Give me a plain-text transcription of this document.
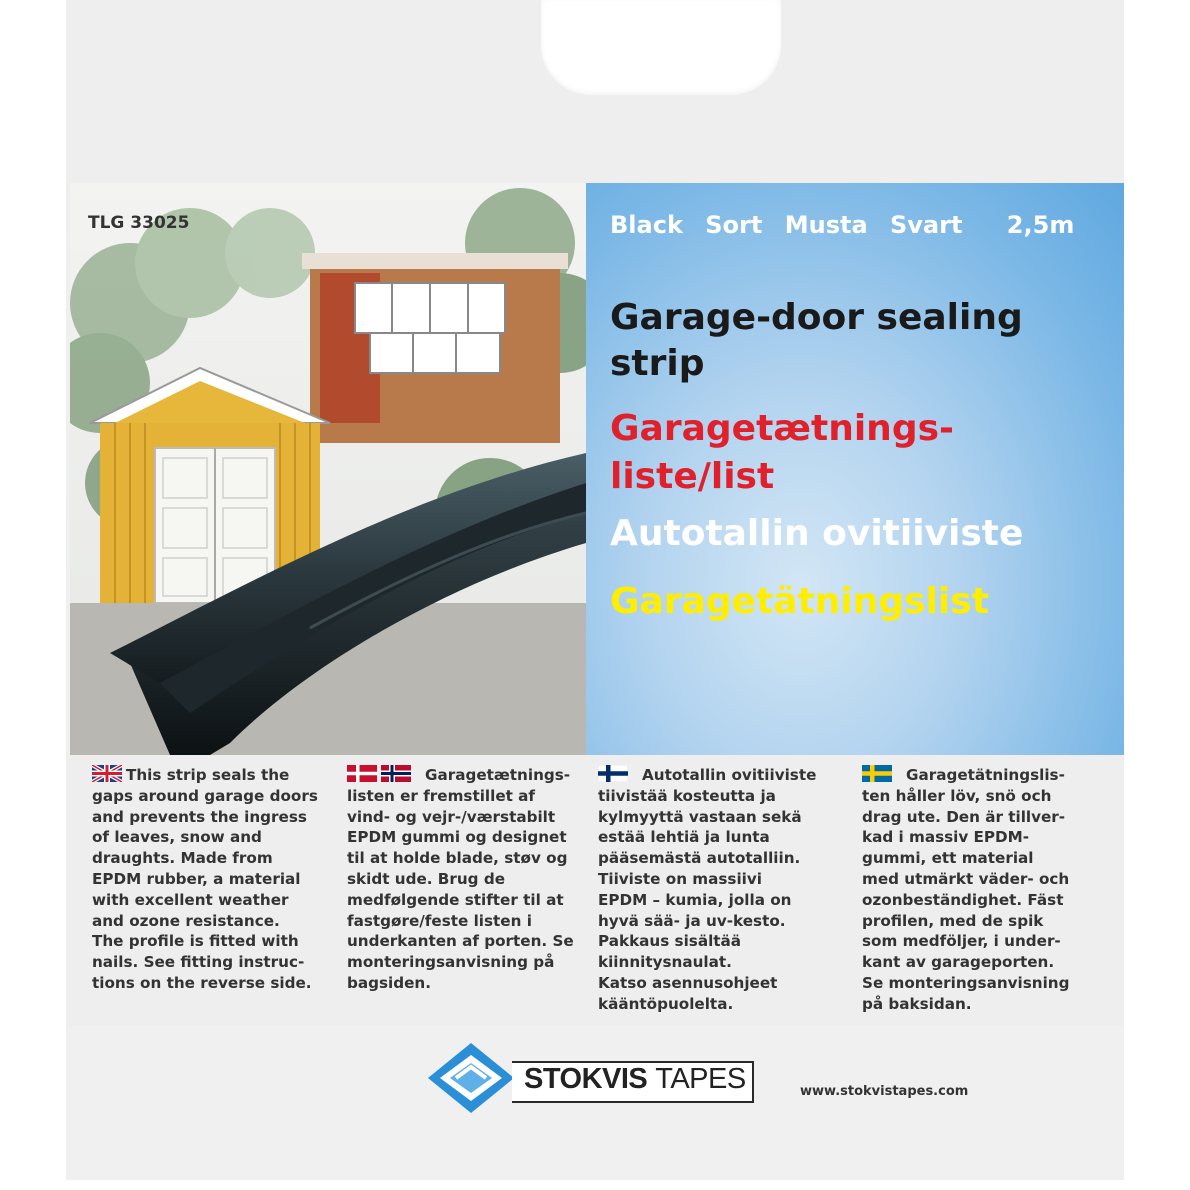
TLG 33025	Black Sort Musta Svart 2,5m
Garage-door sealing
strip
Garagetætnings-
liste/list
Autotallin ovitiiviste
Garagetätningslist

This strip seals the

gaps around garage doors

and prevents the ingress

of leaves, snow and

draughts. Made from

EPDM rubber, a material

with excellent weather

and ozone resistance.

The profile is fitted with

nails. See fitting instruc-

tions on the reverse side.

Garagetætnings-

listen er fremstillet af

vind- og vejr-/værstabilt

EPDM gummi og designet

til at holde blade, støv og

skidt ude. Brug de

medfølgende stifter til at

fastgøre/feste listen i

underkanten af porten. Se

monteringsanvisning på

bagsiden.

Autotallin ovitiiviste

tiivistää kosteutta ja

kylmyyttä vastaan sekä

estää lehtiä ja lunta

pääsemästä autotalliin.

Tiiviste on massiivi

EPDM – kumia, jolla on

hyvä sää- ja uv-kesto.

Pakkaus sisältää

kiinnitysnaulat.

Katso asennusohjeet

kääntöpuolelta.

Garagetätningslis-

ten håller löv, snö och

drag ute. Den är tillver-

kad i massiv EPDM-

gummi, ett material

med utmärkt väder- och

ozonbeständighet. Fäst

profilen, med de spik

som medföljer, i under-

kant av garageporten.

Se monteringsanvisning

på baksidan.

STOKVIS TAPES	www.stokvistapes.com
